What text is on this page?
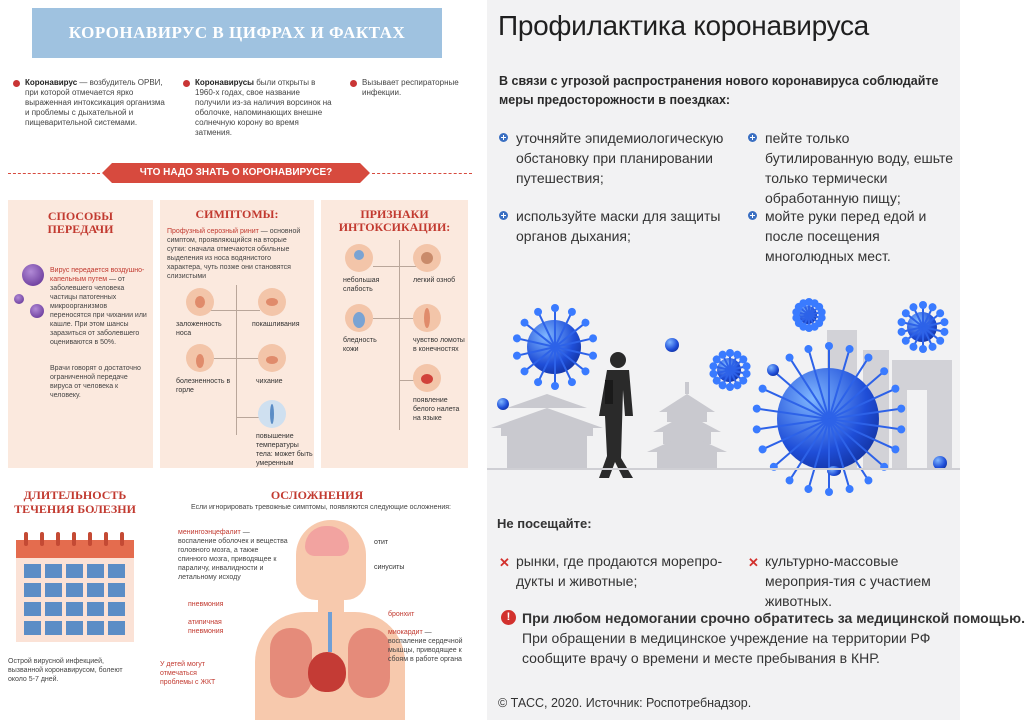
КОРОНАВИРУС В ЦИФРАХ И ФАКТАХ
Коронавирус — возбудитель ОРВИ, при которой отмечается ярко выраженная интоксикация организма и проблемы с дыхательной и пищеварительной системами.
Коронавирусы были открыты в 1960-х годах, свое название получили из-за наличия ворсинок на оболочке, напоминающих внешне солнечную корону во время затмения.
Вызывает респираторные инфекции.
ЧТО НАДО ЗНАТЬ О КОРОНАВИРУСЕ?
СПОСОБЫ ПЕРЕДАЧИ
Вирус передается воздушно-капельным путем — от заболевшего человека частицы патогенных микроорганизмов переносятся при чихании или кашле. При этом шансы заразиться от заболевшего оцениваются в 50%.
Врачи говорят о достаточно ограниченной передаче вируса от человека к человеку.
СИМПТОМЫ:
Профузный серозный ринит — основной симптом, проявляющийся на вторые сутки: сначала отмечаются обильные выделения из носа водянистого характера, чуть позже они становятся слизистыми
заложенность носа
покашливания
болезненность в горле
чихание
повышение температуры тела: может быть умеренным
ПРИЗНАКИ ИНТОКСИКАЦИИ:
небольшая слабость
легкий озноб
бледность кожи
чувство ломоты в конечностях
появление белого налета на языке
ДЛИТЕЛЬНОСТЬ ТЕЧЕНИЯ БОЛЕЗНИ
Острой вирусной инфекцией, вызванной коронавирусом, болеют около 5-7 дней.
ОСЛОЖНЕНИЯ
Если игнорировать тревожные симптомы, появляются следующие осложнения:
менингоэнцефалит — воспаление оболочек и вещества головного мозга, а также спинного мозга, приводящее к параличу, инвалидности и летальному исходу
отит
синуситы
пневмония
атипичная пневмония
бронхит
миокардит — воспаление сердечной мышцы, приводящее к сбоям в работе органа
У детей могут отмечаться проблемы с ЖКТ
Профилактика коронавируса
В связи с угрозой распространения нового коронавируса соблюдайте меры предосторожности в поездках:
уточняйте эпидемиологическую обстановку при планировании путешествия;
пейте только бутилированную воду, ешьте только термически обработанную пищу;
используйте маски для защиты органов дыхания;
мойте руки перед едой и после посещения многолюдных мест.
Не посещайте:
✕ рынки, где продаются морепро-дукты и животные;
✕ культурно-массовые мероприя-тия с участием животных.
! При любом недомогании срочно обратитесь за медицинской помощью.
При обращении в медицинское учреждение на территории РФ сообщите врачу о времени и месте пребывания в КНР.
© ТАСС, 2020. Источник: Роспотребнадзор.
